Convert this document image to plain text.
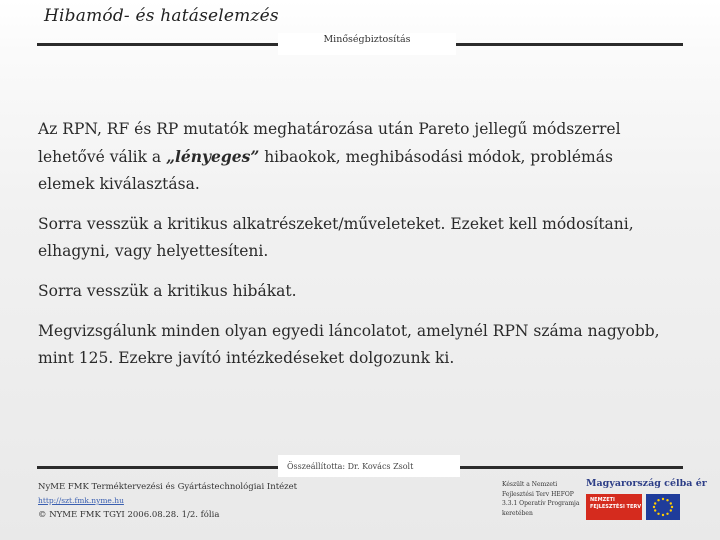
Hibamód- és hatáselemzés
Minőségbiztosítás

Az RPN, RF és RP mutatók meghatározása után Pareto jellegű módszerrel lehetővé válik a „lényeges” hibaokok, meghibásodási módok, problémás elemek kiválasztása.

Sorra vesszük a kritikus alkatrészeket/műveleteket. Ezeket kell módosítani, elhagyni, vagy helyettesíteni.

Sorra vesszük a kritikus hibákat.

Megvizsgálunk minden olyan egyedi láncolatot, amelynél RPN száma nagyobb, mint 125. Ezekre javító intézkedéseket dolgozunk ki.

Összeállította: Dr. Kovács Zsolt
NyME FMK Terméktervezési és Gyártástechnológiai Intézet
http://szt.fmk.nyme.hu
© NYME FMK TGYI 2006.08.28. 1/2. fólia
Készült a Nemzeti Fejlesztési Terv HEFOP 3.3.1 Operatív Programja keretében
Magyarország célba ér
NEMZETI FEJLESZTÉSI TERV
